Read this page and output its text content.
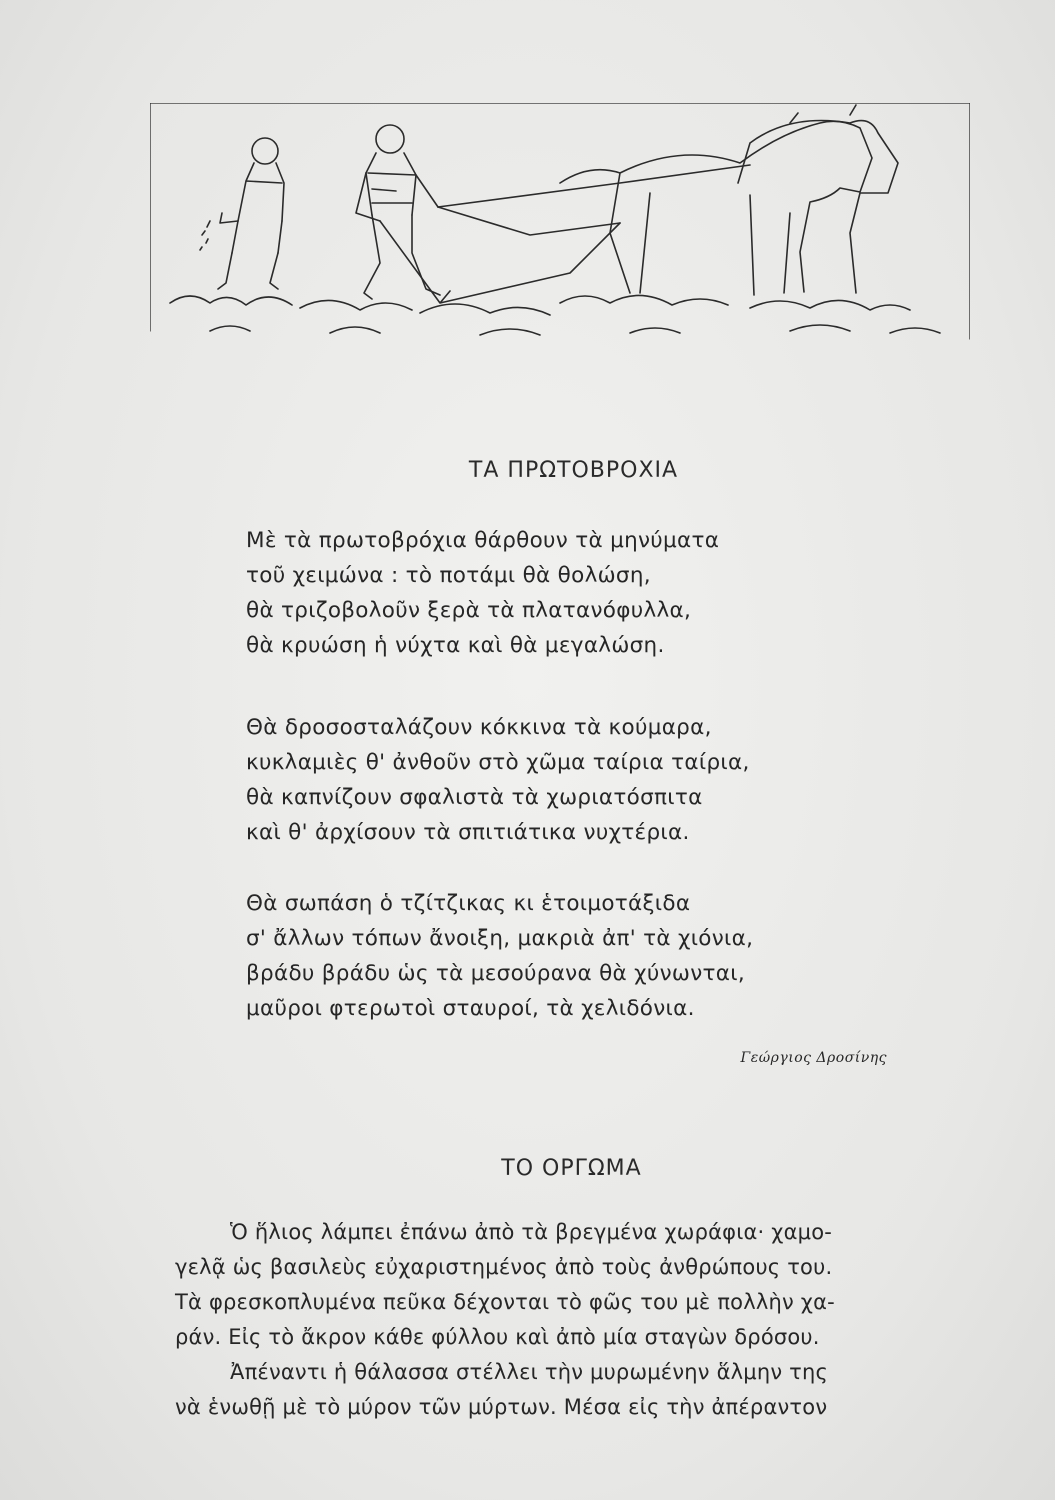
ΤΑ ΠΡΩΤΟΒΡΟΧΙΑ
Μὲ τὰ πρωτοβρόχια θάρθουν τὰ μηνύματα
τοῦ χειμώνα : τὸ ποτάμι θὰ θολώση,
θὰ τριζοβολοῦν ξερὰ τὰ πλατανόφυλλα,
θὰ κρυώση ἡ νύχτα καὶ θὰ μεγαλώση.
Θὰ δροσοσταλάζουν κόκκινα τὰ κούμαρα,
κυκλαμιὲς θ' ἀνθοῦν στὸ χῶμα ταίρια ταίρια,
θὰ καπνίζουν σφαλιστὰ τὰ χωριατόσπιτα
καὶ θ' ἀρχίσουν τὰ σπιτιάτικα νυχτέρια.
Θὰ σωπάση ὁ τζίτζικας κι ἑτοιμοτάξιδα
σ' ἄλλων τόπων ἄνοιξη, μακριὰ ἀπ' τὰ χιόνια,
βράδυ βράδυ ὡς τὰ μεσούρανα θὰ χύνωνται,
μαῦροι φτερωτοὶ σταυροί, τὰ χελιδόνια.
Γεώργιος Δροσίνης
ΤΟ ΟΡΓΩΜΑ
Ὁ ἥλιος λάμπει ἐπάνω ἀπὸ τὰ βρεγμένα χωράφια· χαμο-
γελᾷ ὡς βασιλεὺς εὐχαριστημένος ἀπὸ τοὺς ἀνθρώπους του.
Τὰ φρεσκοπλυμένα πεῦκα δέχονται τὸ φῶς του μὲ πολλὴν χα-
ράν. Εἰς τὸ ἄκρον κάθε φύλλου καὶ ἀπὸ μία σταγὼν δρόσου.
Ἀπέναντι ἡ θάλασσα στέλλει τὴν μυρωμένην ἅλμην της
νὰ ἑνωθῇ μὲ τὸ μύρον τῶν μύρτων. Μέσα εἰς τὴν ἀπέραντον
